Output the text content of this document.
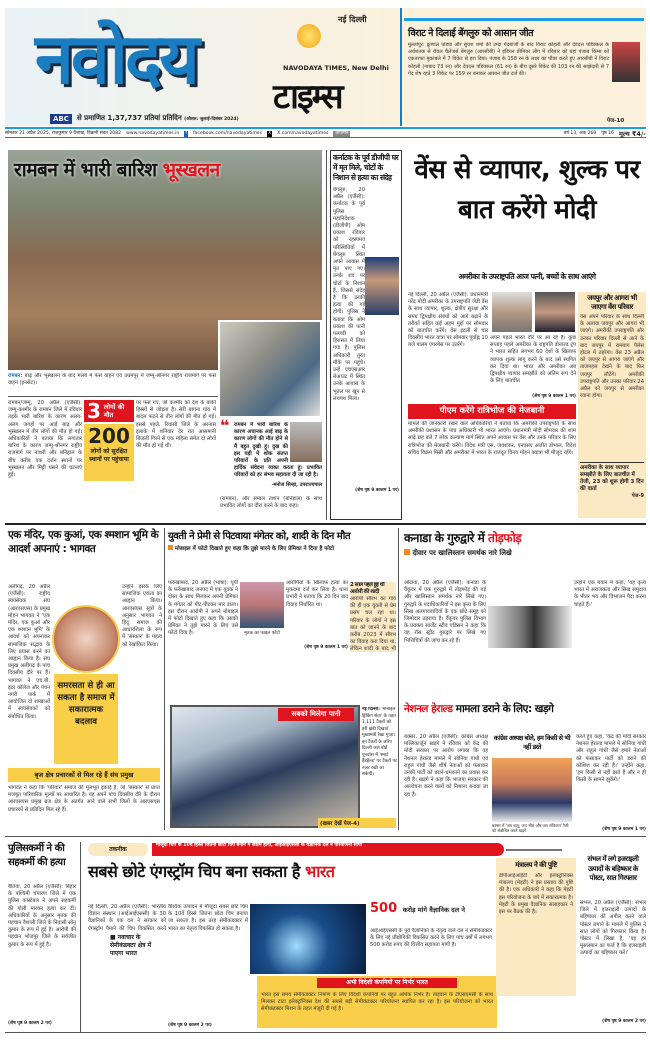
नवोदय	नई दिल्ली
NAVODAYA TIMES, New Delhi
टाइम्स
ABC	से प्रमाणित 1,37,737 प्रतियां प्रतिदिन (औसत: जुलाई-दिसंबर 2024)
विराट ने दिलाई बेंगलुरु को आसान जीत
मुल्लांपुर: क्रुणाल पांड्या और सुयश शर्मा की उम्दा गेंदबाजी के बाद विराट कोहली और देवदत्त पडिक्कल के अर्धशतक से रॉयल चैलेंजर्स बेंगलुरु (आरसीबी) ने इंडियन प्रीमियर लीग में रविवार को यहां पंजाब किंग्स को एकतरफा मुकाबले में 7 विकेट से हरा दिया। पंजाब के 158 रन के लक्ष्य का पीछा करते हुए आरसीबी ने विराट कोहली (नाबाद 73 रन) और देवदत्त पडिक्कल (61 रन) के बीच दूसरे विकेट की 103 रन की साझेदारी से 7 गेंद शेष रहते 3 विकेट पर 159 रन बनाकर आसान जीत दर्ज की।
पेज-10
सोमवार 21 अप्रैल 2025, राजकुमार 9 वैशाख, विक्रमी संवत 2082 www.navodayatimes.in f facebook.com/navodayatimes X X.com/navodayatimes	तापमान	वर्ष 13, अंक 269 पृष्ठ 16 मूल्य ₹4/-
रामबन में भारी बारिश भूस्खलन
रामबन: बाढ़ और भूस्खलन के बाद मलबे में फंसे वाहन एवं उधमपुर में जम्मू-श्रीनगर राष्ट्रीय राजमार्ग पर फंसे वाहन (इनसेट)।
रामबन/जम्मू, 20 अप्रैल (एजैंसी): जम्मू-कश्मीर के रामबन जिले में रविवार तड़के भारी बारिश के कारण अलग-अलग जगहों पर आई बाढ़ और भूस्खलन में तीन लोगों की मौत हो गई। अधिकारियों ने बताया कि लगातार बारिश के कारण जम्मू-श्रीनगर राष्ट्रीय राजमार्ग पर नाशरी और बनिहाल के बीच करीब एक दर्जन स्थानों पर भूस्खलन और मिट्टी धंसने की घटनाएं हुईं।
3 लोगों की मौत
200
लोगों को सुरक्षित स्थानों पर पहुंचाया
पर फंस गए, जो कश्मीर को देश के बाकी हिस्सों से जोड़ता है। सेरी बागना गांव में बादल फटने से तीन लोगों की मौत हो गई। इससे पहले, रियासी जिले के अरनास इलाके में शनिवार देर रात आसमानी बिजली गिरने से एक महिला समेत दो लोगों की मौत हो गई थी।
❝ रामबन में भारी बारिश के कारण अचानक आई बाढ़ के कारण लोगों की मौत होने से मैं बहुत दुखी हूं। दुख की इस घड़ी में शोक संतप्त परिवारों के प्रति अपनी हार्दिक संवेदना व्यक्त करता हूं। प्रभावित परिवारों को हर संभव सहायता दी जा रही है।
-मनोज सिन्हा, उपराज्यपाल
(रामबन), और सम्बल ताशेन (बनिहाल) के साथ प्रभावित लोगों का दौरा करने के बाद कहा।
कर्नाटक के पूर्व डीजीपी घर में मृत मिले, चोटों के निशान से हत्या का संदेह
बेंगलूरु, 20 अप्रैल (एजैंसी): कर्नाटक के पूर्व पुलिस महानिदेशक (डीजीपी) ओम प्रकाश रविवार को रहस्यमय परिस्थितियों में बेंगलूरु स्थित अपने आवास में मृत पाए गए। उनके शव पर चोटों के निशान हैं, जिससे संदेह है कि उनकी हत्या की गई होगी। पुलिस ने बताया कि ओम प्रकाश की पत्नी पल्लवी को हिरासत में लिया गया है। पुलिस अधिकारी तुरंत मौके पर पहुंचे। उन्हें एचएसआर लेआउट में स्थित उनके आवास के भूतल पर खून से लथपथ मिला।
(शेष पृष्ठ 9 कालम 1 पर)
वेंस से व्यापार, शुल्क पर बात करेंगे मोदी
अमरीका के उपराष्ट्रपति आज पत्नी, बच्चों के साथ आएंगे
नई दिल्ली, 20 अप्रैल (एजैंसी): प्रधानमंत्री नरेंद्र मोदी अमरीका के उपराष्ट्रपति जेडी वेंस के साथ व्यापार, शुल्क, क्षेत्रीय सुरक्षा और समग्र द्विपक्षीय संबंधों को आगे बढ़ाने के तरीकों सहित कई अहम मुद्दों पर सोमवार को बातचीत करेंगे। वेंस इटली से चार दिवसीय भारत यात्रा पर सोमवार पूर्वाह्न 10 बजे पालम एयरबेस पर उतरेंगे।
अपने पहले भारत दौरे पर आ रहे हैं। कुछ सप्ताह पहले अमरीका के राष्ट्रपति डोनाल्ड ट्रंप ने भारत सहित लगभग 60 देशों के खिलाफ व्यापक शुल्क लागू करने के बाद उसे स्थगित कर दिया था। भारत और अमरीका अब द्विपक्षीय व्यापार समझौते को अंतिम रूप देने के लिए बातचीत
(शेष पृष्ठ 9 कालम 1 पर)
पीएम करेंगे रात्रिभोज की मेजबानी
मामले की जानकारी रखने वाले अधिकारियों ने बताया कि अमरीकी उपराष्ट्रपति के साथ अमरीकी प्रशासन के पांच अधिकारी भी भारत आएंगे। प्रधानमंत्री मोदी सोमवार की शाम साढ़े छह बजे 7 लोक कल्याण मार्ग स्थित अपने आवास पर वेंस और उनके परिवार के लिए रात्रिभोज की मेजबानी करेंगे। विदेश मंत्री एस. जयशंकर, एनएसए अजीत डोभाल, विदेश सचिव विक्रम मिस्री और अमरीका में भारत के राजदूत विनय मोहन क्वात्रा भी मौजूद रहेंगे।
जयपुर और आगरा भी जाएगा वेंस परिवार
वेंस अपने परिवार के साथ दिल्ली के अलावा जयपुर और आगरा भी जाएंगे। अमरीकी उपराष्ट्रपति और उनका परिवार दिल्ली से आने के बाद जयपुर में रामबाग पैलेस होटल में ठहरेगा। वेंस 23 अप्रैल को जयपुर से आगरा जाएंगे और ताजमहल देखने के बाद फिर जयपुर लौटेंगे। अमरीकी उपराष्ट्रपति और उनका परिवार 24 अप्रैल को जयपुर से अमरीका रवाना होगा।
अमरीका के साथ व्यापार समझौते के लिए बातचीत में तेजी, 23 को शुरू होगी 3 दिन की वार्ता
पेज-9
एक मंदिर, एक कुआं, एक श्मशान भूमि के आदर्श अपनाएं : भागवत
अलीगढ़, 20 अप्रैल (एजैंसी): राष्ट्रीय स्वयंसेवक संघ (आरएसएस) के प्रमुख मोहन भागवत ने 'एक मंदिर, एक कुआं और एक श्मशान भूमि' के आदर्श को अपनाकर सामाजिक सद्भाव के लिए प्रयास करने का आह्वान किया है। संघ प्रमुख अलीगढ़ के पांच दिवसीय दौरे पर हैं। भागवत ने एच.बी. इंटर कॉलेज और पंचन नगरी पार्क में आयोजित दो शाखाओं में स्वयंसेवकों को संबोधित किया।
उन्होंने इसके लिए सामाजिक एकता का आह्वान किया। आरएसएस सूत्रों के अनुसार भागवत ने हिंदू समाज की आधारशिला के रूप में 'संस्कार' के महत्व को रेखांकित किया।
समरसता से ही आ सकता है समाज में सकारात्मक बदलाव
बृज क्षेत्र प्रचारकों से मिल रहे हैं संघ प्रमुख
भागवत ने कहा कि 'परिवार' समाज की मूलभूत इकाई है, जो 'संस्कार' से प्राप्त मजबूत पारिवारिक मूल्यों पर आधारित है। वह अपने पांच दिवसीय दौरे के दौरान आरएसएस प्रमुख ब्रज क्षेत्र के अंतर्गत आने वाले सभी जिलों के आरएसएस प्रचारकों से प्रतिदिन मिल रहे हैं।
युवती ने प्रेमी से पिटवाया मंगेतर को, शादी के दिन मौत
मोबाइल में फोटो दिखाते हुए कहा कि तुझे मारने के लिए प्रेमिका ने दिया है फोटो
फर्रुखाबाद, 20 अप्रैल (भाषा): यूपी के फर्रुखाबाद जनपद में एक युवक ने दोस्त के साथ मिलकर अपनी प्रेमिका के मंगेतर को पीट-पीटकर मार डाला। इस दौरान आरोपी ने अपने मोबाइल में फोटो दिखाते हुए कहा कि उसकी प्रेमिका ने तुझे मारने के लिए उसे फोटो दिया है।	मृतक का फाइल फोटो
आरोपियों के खिलाफ हत्या का मुकदमा दर्ज कर लिया है। थाना प्रभारी ने बताया कि 20 दिन बाद विवाह निर्धारित था।
(शेष पृष्ठ 9 कालम 1 पर)
2 साल पहले हुई थी आरोपी की शादी
आरोपी सौरभ का गांव की ही एक युवती से प्रेम प्रसंग चल रहा था। परिवार के लोगों ने इस बात को जानने के बाद करीब 2023 में सौरभ का विवाह करा दिया था, लेकिन शादी के बाद भी
सबको मिलेगा पानी
नई दिल्ली: 'मोबाइल ड्रिंकिंग सेवा' के तहत 1,111 टैंकरों को हरी झंडी दिखाते मुख्यमंत्री रेखा गुप्ता। इन टैंकरों के जरिए दिल्ली जल बोर्ड पुनर्वास में 'स्मार्ट हैंडहेल्ड' पर टैंकरों पर नजर रखी जा सकेगी।
(खबर देखें पेज-4)
कनाडा के गुरुद्वारे में तोड़फोड़
दीवार पर खालिस्तान समर्थक नारे लिखे
ओटावा, 20 अप्रैल (एजैंसी): कनाडा के वैंकूवर में एक गुरुद्वारे में तोड़फोड़ की गई और खालिस्तान समर्थक नारे लिखे गए। गुरुद्वारे के पदाधिकारियों ने इस कृत्य के लिए सिख अलगाववादियों के एक छोटे समूह को जिम्मेदार ठहराया है। वैंकूवर पुलिस विभाग के प्रवक्ता सार्जेंट स्टीव एडिसन ने कहा कि वह रॉस स्ट्रीट गुरुद्वारे पर लिखे गए भित्तिचित्रों की जांच कर रहे हैं।
उन्होंने एक बयान में कहा, 'यह कृत्य भारत में अराजकता और सिख समुदाय के भीतर भय और विभाजन पैदा करना चाहते हैं।'
नेशनल हेराल्ड मामला डराने के लिए: खड़गे
बक्सर, 20 अप्रैल (एजैंसी): कांग्रेस अध्यक्ष मल्लिकार्जुन खड़गे ने रविवार को केंद्र की मोदी सरकार पर आरोप लगाया कि वह नेशनल हेराल्ड मामले में सोनिया गांधी एवं राहुल गांधी जैसे शीर्ष नेताओं को फंसाकर उनकी पार्टी को डराने-धमकाने का प्रयास कर रही है। खड़गे ने कहा कि भाजपा सरकार की आलोचना करने वालों को निशाना बनाया जा रहा है।
कांग्रेस अध्यक्ष बोले, हम किसी से भी नहीं डरते
बक्सर में 'जय बापू, जय भीम और जय संविधान' रैली को संबोधित करते खड़गे
करते हुए कहा, 'केंद्र की मोदी सरकार नेशनल हेराल्ड मामले में सोनिया गांधी और राहुल गांधी जैसे हमारे नेताओं को फंसाकर पार्टी को डराने की कोशिश कर रही है।' उन्होंने कहा, 'हम किसी से नहीं डरते हैं और न ही किसी के सामने झुकेंगे।'
(शेष पृष्ठ 9 कालम 1 पर)
पुलिसकर्मी ने की सहकर्मी की हत्या
बैतिया, 20 अप्रैल (एजैंसी): बिहार के पश्चिमी चंपारण जिले में एक पुलिस कांस्टेबल ने अपने सहकर्मी की गोली मारकर हत्या कर दी। अधिकारियों के अनुसार मृतक की पहचान वैशाली जिले के निवासी सोनू कुमार के रूप में हुई है। आरोपी की पहचान भोजपुर जिले के सर्वजीत कुमार के रूप में हुई है।
(शेष पृष्ठ 9 कालम 2 पर)
तकनीक
मौजूदा चिप के 10वें हिस्से जितनी छोटी चिप बनाने में सक्षम होगा, आईआईएससी के वैज्ञानिक दल ने परियोजना सौंपी
सबसे छोटे एंगस्ट्रॉम चिप बना सकता है भारत
नई दिल्ली, 20 अप्रैल (एजैंसी): भारतीय विज्ञान संस्थान (आईआईएससी) के 30 वैज्ञानिकों के एक दल ने सरकार को एंगस्ट्रॉम पैमाने की चिप विकसित करने
■ नवाचार के सेमीकंडक्टर क्षेत्र में पाएगा भारत
वैश्विक उत्पादन में मौजूदा सबसे छोटे चिप के 10वें हिस्से जितना छोटा चिप बनाया जा सकता है। इस तरह सेमीकंडक्टर में भारत का नेतृत्व विकसित हो सकता है।
(शेष पृष्ठ 9 कालम 2 पर)
500 करोड़ मांगे वैज्ञानिक दल ने
आईआईएससी के पूर्व वैज्ञानिकों के नेतृत्व वाले दल ने सेमीकंडक्टर के लिए नई प्रौद्योगिकी विकसित करने के लिए पांच वर्षों में लगभग 500 करोड़ रुपए की वित्तीय सहायता मांगी है।
अभी विदेशी कंपनियों पर निर्भर भारत
भारत इस समय सेमीकंडक्टर निर्माण के लिए विदेशी कंपनियों पर बहुत अधिक निर्भर है। ताइवान के टीएसएमसी के साथ मिलकर टाटा इलेक्ट्रॉनिक्स देश की सबसे बड़ी सेमीकंडक्टर परियोजना स्थापित कर रहा है। इस परियोजना को भारत सेमीकंडक्टर मिशन के तहत मंजूरी दी गई है।
मंत्रालय ने की पुष्टि
डीपीआईआईटी और इलेक्ट्रॉनिक्स मंत्रालय (मेइटी) ने इस प्रस्ताव की पुष्टि की है। एक अधिकारी ने कहा कि मेइटी इस परियोजना के बारे में सकारात्मक है। मेइटी के प्रमुख वैज्ञानिक सलाहकार ने इस पर बैठक की है।
संभल में लगे इजराइली उत्पादों के बहिष्कार के पोस्टर, सात गिरफ्तार
संभल, 20 अप्रैल (एजैंसी): संभल जिले में इजराइली उत्पादों के बहिष्कार की अपील करने वाले पोस्टर लगाने के मामले में पुलिस ने सात लोगों को गिरफ्तार किया है। पोस्टर में लिखा है, 'यह हर मुसलमान का फर्ज है कि इजराइली उत्पादों का बहिष्कार करें।'
(शेष पृष्ठ 9 कालम 2 पर)
